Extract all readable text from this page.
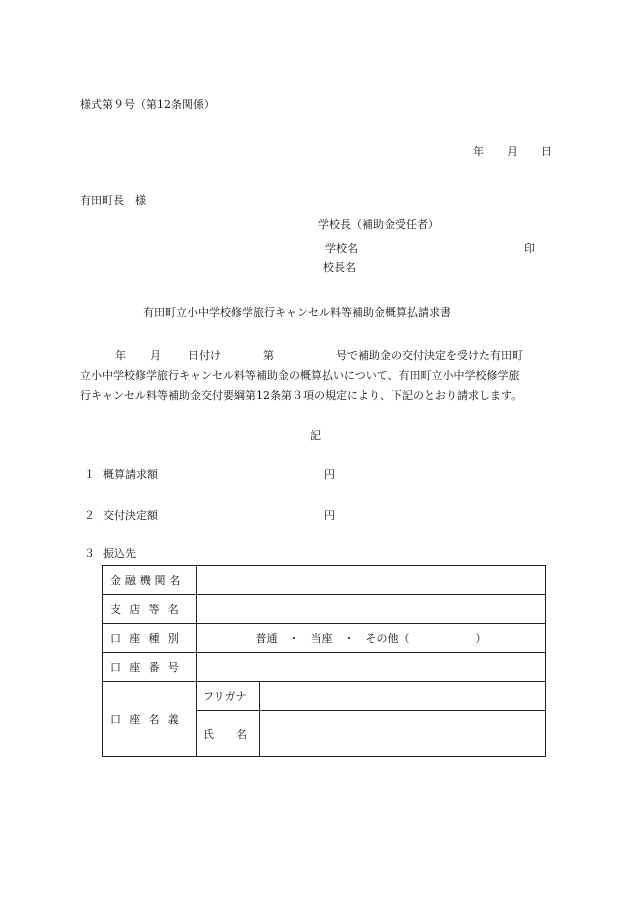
様式第９号（第12条関係）
年 月 日
有田町長　様
学校長（補助金受任者）
学校名	印
校長名
有田町立小中学校修学旅行キャンセル料等補助金概算払請求書
年 月 日付け	第	号で補助金の交付決定を受けた有田町
立小中学校修学旅行キャンセル料等補助金の概算払いについて、有田町立小中学校修学旅
行キャンセル料等補助金交付要綱第12条第３項の規定により、下記のとおり請求します。
記
１ 概算請求額	円
２ 交付決定額	円
３ 振込先
金融機関名		
支店等名		
口座種別	普通　・　当座　・　その他（　　　　　　）	
口座番号		
口座名義	フリガナ	
	氏　　名	
